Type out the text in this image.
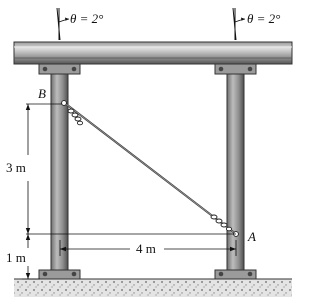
θ = 2°	θ = 2°
B
A
3 m
1 m
4 m
